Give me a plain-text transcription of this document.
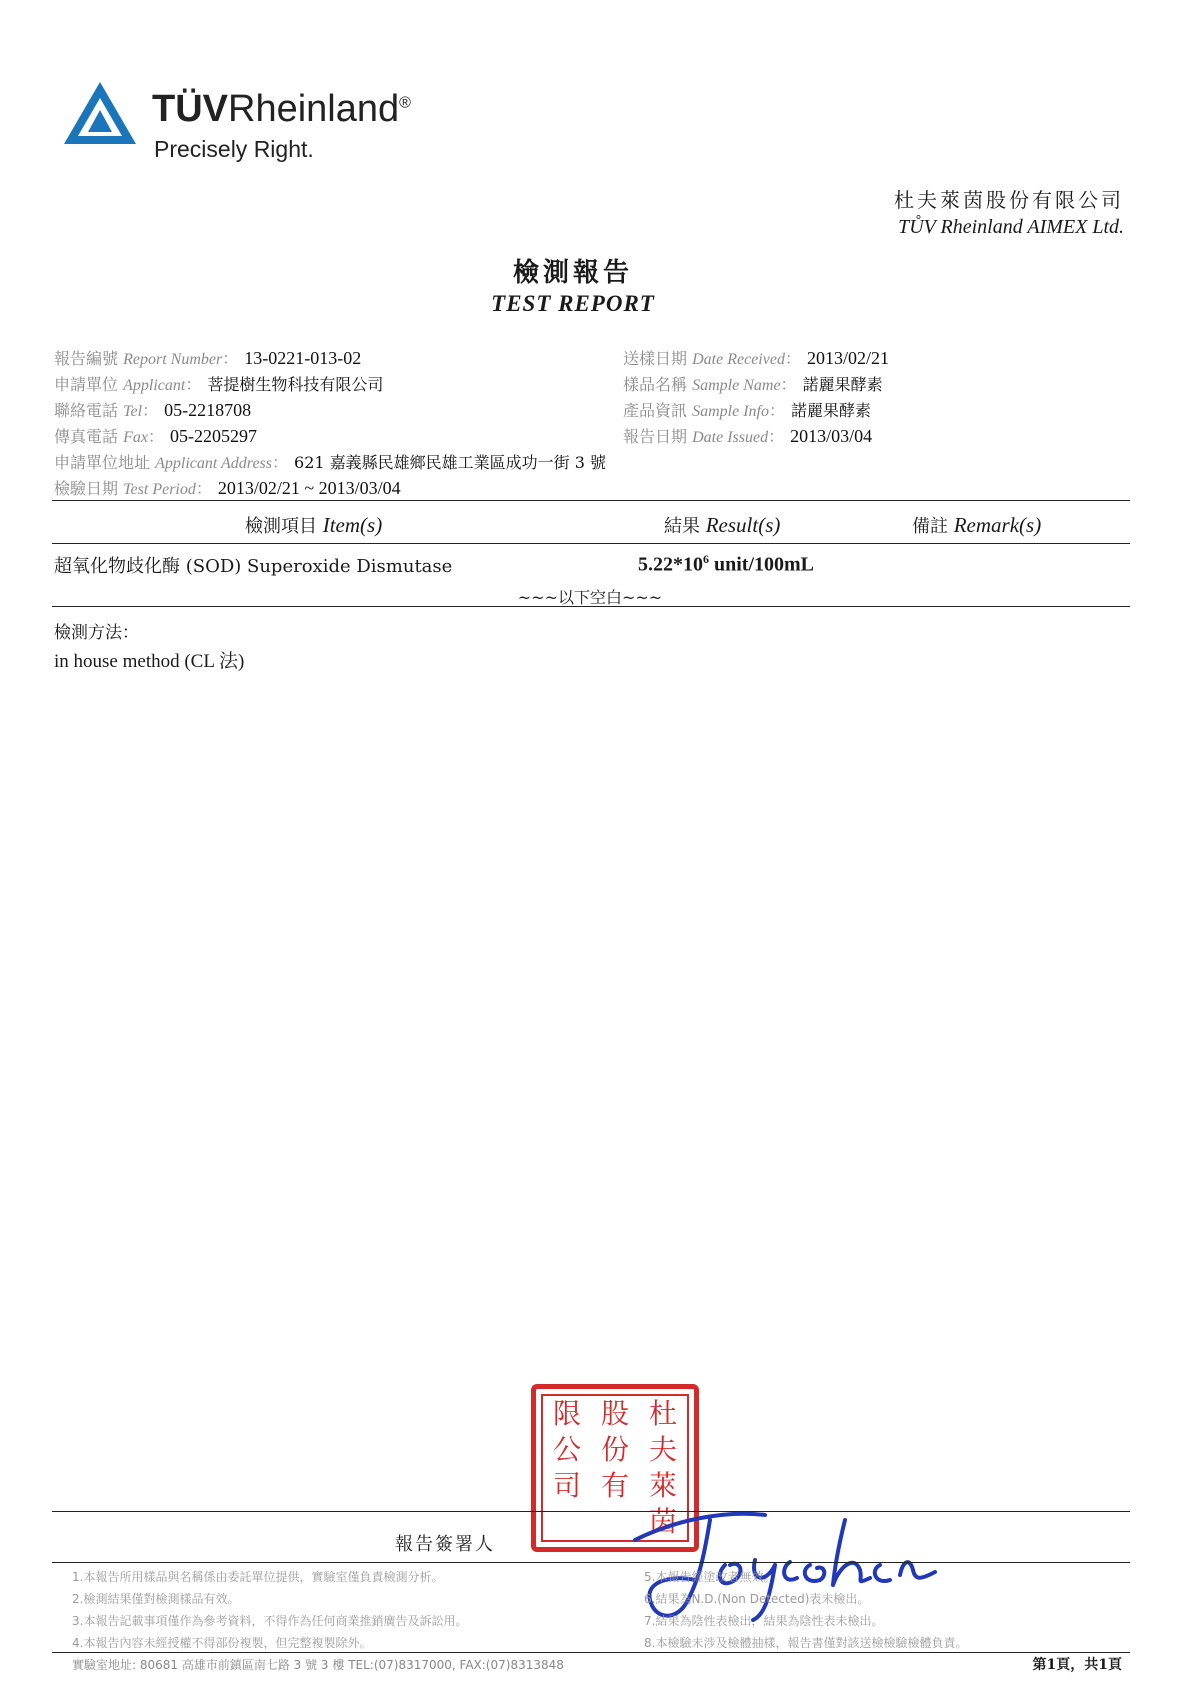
TÜVRheinland®
Precisely Right.
杜夫萊茵股份有限公司
TŮV Rheinland AIMEX Ltd.
檢測報告
TEST REPORT
報告編號 Report Number： 13-0221-013-02
申請單位 Applicant： 菩提樹生物科技有限公司
聯絡電話 Tel： 05-2218708
傳真電話 Fax： 05-2205297
申請單位地址 Applicant Address： 621 嘉義縣民雄鄉民雄工業區成功一街 3 號
檢驗日期 Test Period： 2013/02/21 ~ 2013/03/04
送樣日期 Date Received： 2013/02/21
樣品名稱 Sample Name： 諾麗果酵素
產品資訊 Sample Info： 諾麗果酵素
報告日期 Date Issued： 2013/03/04
檢測項目 Item(s)	結果 Result(s)	備註 Remark(s)
超氧化物歧化酶 (SOD) Superoxide Dismutase	$5.22*10^6$ unit/100mL
~~~以下空白~~~
檢測方法：
in house method (CL 法)
限 股 杜
公 份 夫
司 有 萊
茵
報告簽署人
1.本報告所用樣品與名稱係由委託單位提供，實驗室僅負責檢測分析。
2.檢測結果僅對檢測樣品有效。
3.本報告記載事項僅作為參考資料，不得作為任何商業推銷廣告及訴訟用。
4.本報告內容未經授權不得部份複製，但完整複製除外。
5.本報告經塗改者無效。
6.結果為N.D.(Non Detected)表未檢出。
7.結果為陰性表檢出，結果為陰性表未檢出。
8.本檢驗未涉及檢體抽樣，報告書僅對該送檢檢驗檢體負責。
實驗室地址: 80681 高雄市前鎮區南七路 3 號 3 樓 TEL:(07)8317000, FAX:(07)8313848	第1頁，共1頁
